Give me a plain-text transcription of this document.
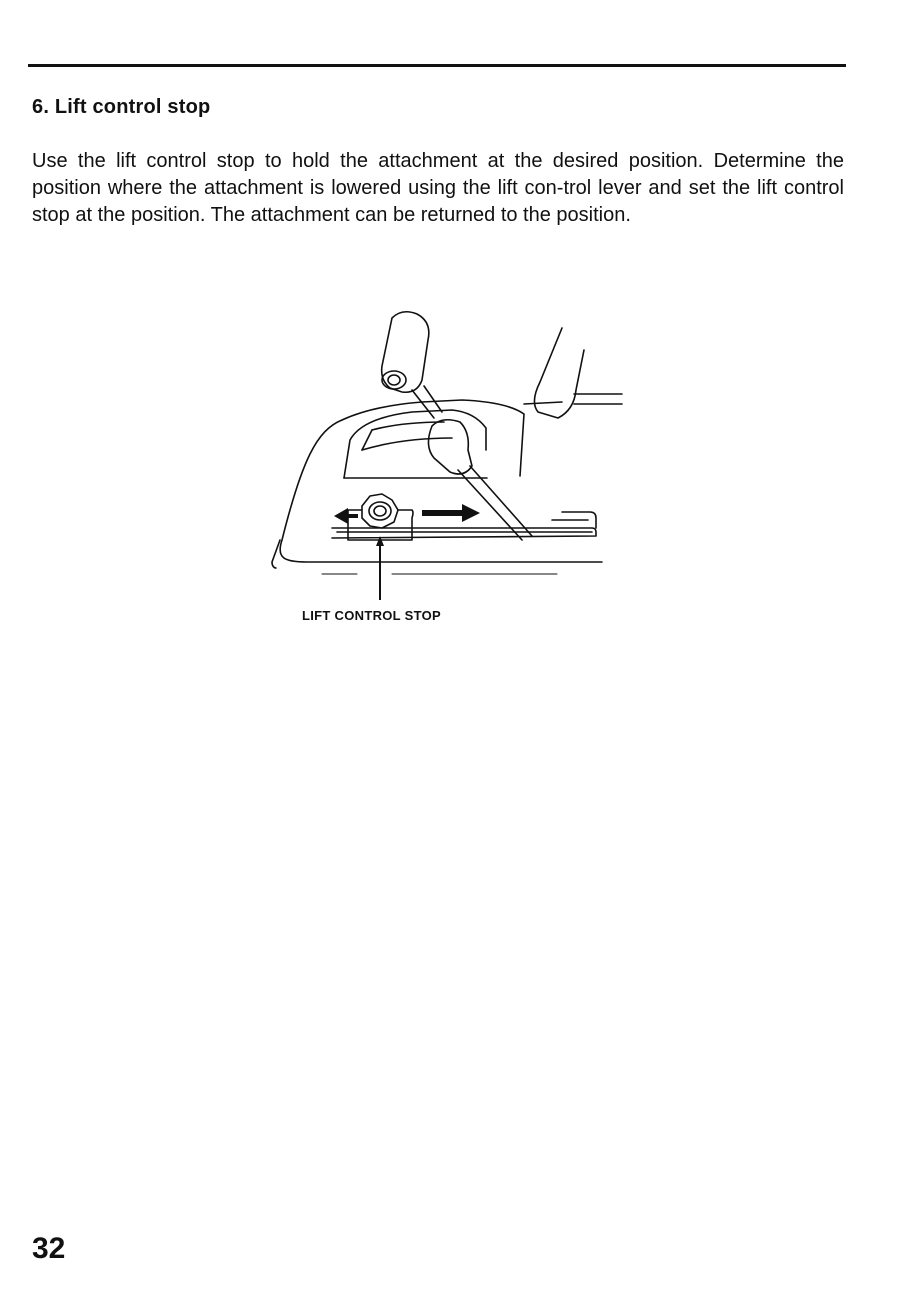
6. Lift control stop

Use the lift control stop to hold the attachment at the desired position. Determine the position where the attachment is lowered using the lift con-trol lever and set the lift control stop at the position. The attachment can be returned to the position.

LIFT CONTROL STOP
32
